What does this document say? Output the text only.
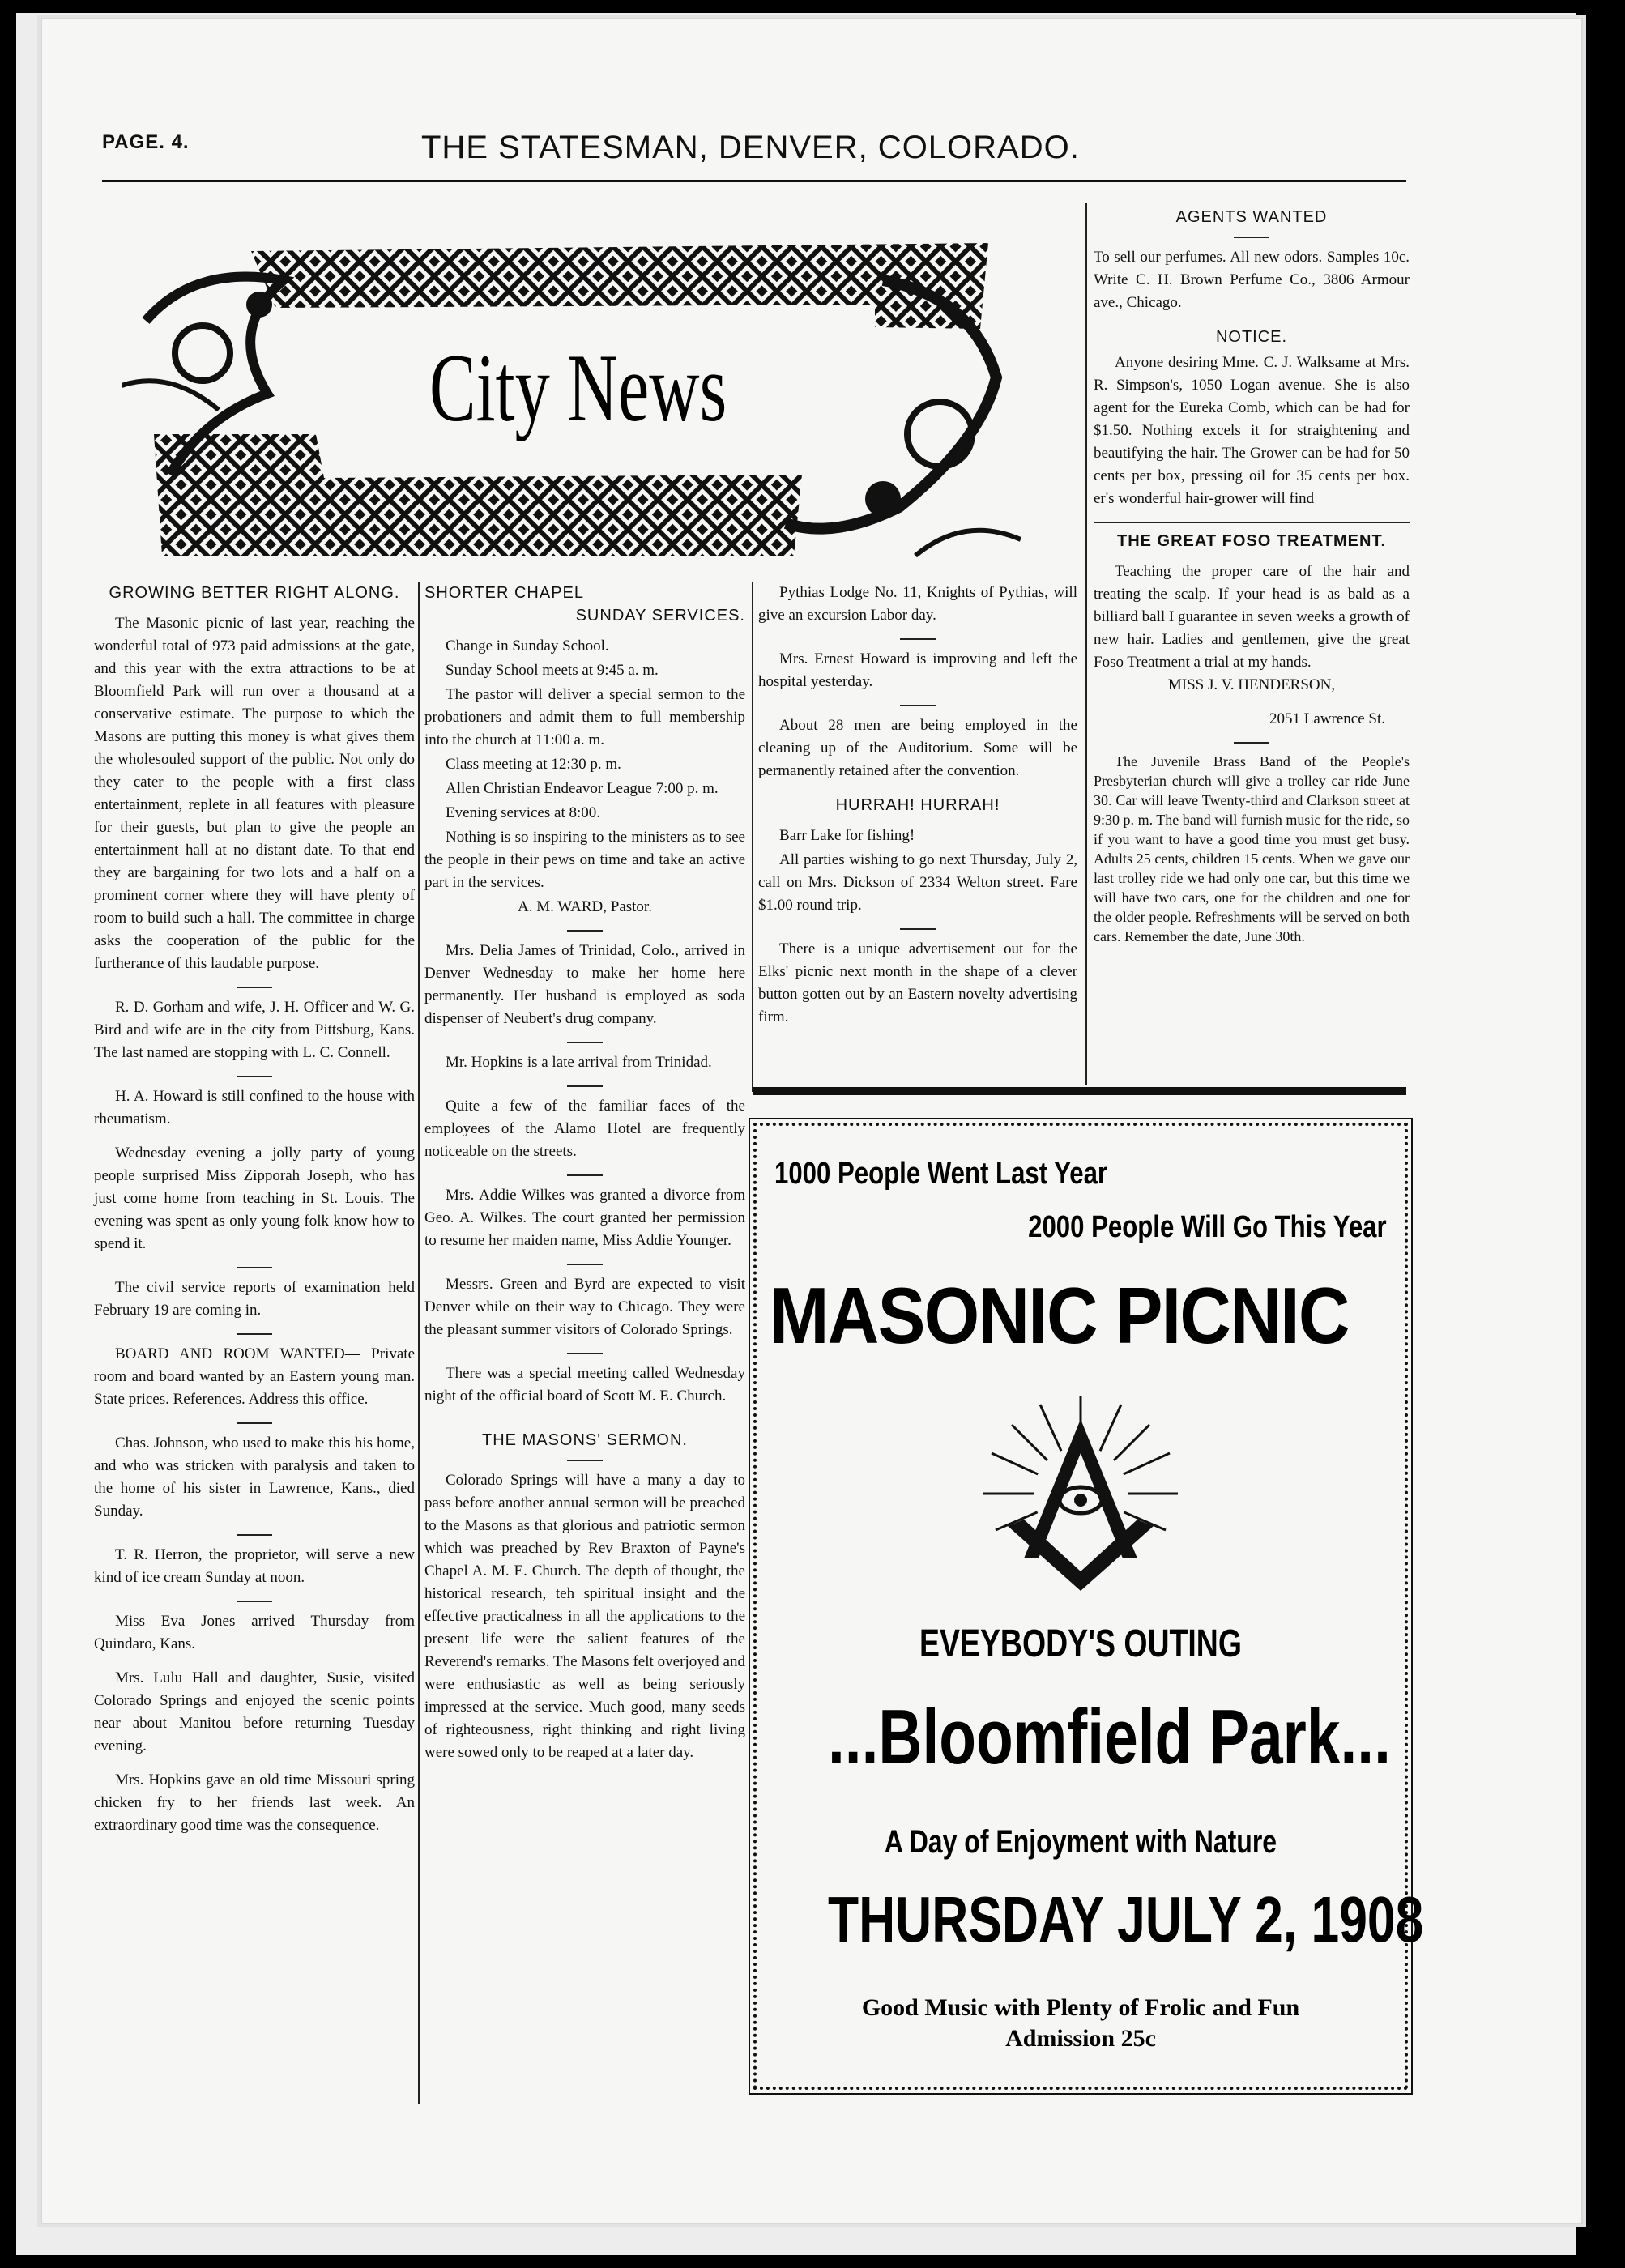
PAGE. 4.	THE STATESMAN, DENVER, COLORADO.
City News
GROWING BETTER RIGHT ALONG.

The Masonic picnic of last year, reaching the wonderful total of 973 paid admissions at the gate, and this year with the extra attractions to be at Bloomfield Park will run over a thousand at a conservative estimate. The purpose to which the Masons are putting this money is what gives them the wholesouled support of the public. Not only do they cater to the people with a first class entertainment, replete in all features with pleasure for their guests, but plan to give the people an entertainment hall at no distant date. To that end they are bargaining for two lots and a half on a prominent corner where they will have plenty of room to build such a hall. The committee in charge asks the cooperation of the public for the furtherance of this laudable purpose.

R. D. Gorham and wife, J. H. Officer and W. G. Bird and wife are in the city from Pittsburg, Kans. The last named are stopping with L. C. Connell.

H. A. Howard is still confined to the house with rheumatism.

Wednesday evening a jolly party of young people surprised Miss Zipporah Joseph, who has just come home from teaching in St. Louis. The evening was spent as only young folk know how to spend it.

The civil service reports of examination held February 19 are coming in.

BOARD AND ROOM WANTED— Private room and board wanted by an Eastern young man. State prices. References. Address this office.

Chas. Johnson, who used to make this his home, and who was stricken with paralysis and taken to the home of his sister in Lawrence, Kans., died Sunday.

T. R. Herron, the proprietor, will serve a new kind of ice cream Sunday at noon.

Miss Eva Jones arrived Thursday from Quindaro, Kans.

Mrs. Lulu Hall and daughter, Susie, visited Colorado Springs and enjoyed the scenic points near about Manitou before returning Tuesday evening.

Mrs. Hopkins gave an old time Missouri spring chicken fry to her friends last week. An extraordinary good time was the consequence.

SHORTER CHAPEL
SUNDAY SERVICES.

Change in Sunday School.

Sunday School meets at 9:45 a. m.

The pastor will deliver a special sermon to the probationers and admit them to full membership into the church at 11:00 a. m.

Class meeting at 12:30 p. m.

Allen Christian Endeavor League 7:00 p. m.

Evening services at 8:00.

Nothing is so inspiring to the ministers as to see the people in their pews on time and take an active part in the services.

A. M. WARD, Pastor.

Mrs. Delia James of Trinidad, Colo., arrived in Denver Wednesday to make her home here permanently. Her husband is employed as soda dispenser of Neubert's drug company.

Mr. Hopkins is a late arrival from Trinidad.

Quite a few of the familiar faces of the employees of the Alamo Hotel are frequently noticeable on the streets.

Mrs. Addie Wilkes was granted a divorce from Geo. A. Wilkes. The court granted her permission to resume her maiden name, Miss Addie Younger.

Messrs. Green and Byrd are expected to visit Denver while on their way to Chicago. They were the pleasant summer visitors of Colorado Springs.

There was a special meeting called Wednesday night of the official board of Scott M. E. Church.

THE MASONS' SERMON.

Colorado Springs will have a many a day to pass before another annual sermon will be preached to the Masons as that glorious and patriotic sermon which was preached by Rev Braxton of Payne's Chapel A. M. E. Church. The depth of thought, the historical research, teh spiritual insight and the effective practicalness in all the applications to the present life were the salient features of the Reverend's remarks. The Masons felt overjoyed and were enthusiastic as well as being seriously impressed at the service. Much good, many seeds of righteousness, right thinking and right living were sowed only to be reaped at a later day.

Pythias Lodge No. 11, Knights of Pythias, will give an excursion Labor day.

Mrs. Ernest Howard is improving and left the hospital yesterday.

About 28 men are being employed in the cleaning up of the Auditorium. Some will be permanently retained after the convention.

HURRAH! HURRAH!

Barr Lake for fishing!

All parties wishing to go next Thursday, July 2, call on Mrs. Dickson of 2334 Welton street. Fare $1.00 round trip.

There is a unique advertisement out for the Elks' picnic next month in the shape of a clever button gotten out by an Eastern novelty advertising firm.

AGENTS WANTED

To sell our perfumes. All new odors. Samples 10c. Write C. H. Brown Perfume Co., 3806 Armour ave., Chicago.

NOTICE.

Anyone desiring Mme. C. J. Walksame at Mrs. R. Simpson's, 1050 Logan avenue. She is also agent for the Eureka Comb, which can be had for $1.50. Nothing excels it for straightening and beautifying the hair. The Grower can be had for 50 cents per box, pressing oil for 35 cents per box. er's wonderful hair-grower will find

THE GREAT FOSO TREATMENT.

Teaching the proper care of the hair and treating the scalp. If your head is as bald as a billiard ball I guarantee in seven weeks a growth of new hair. Ladies and gentlemen, give the great Foso Treatment a trial at my hands.

MISS J. V. HENDERSON,

2051 Lawrence St.

The Juvenile Brass Band of the People's Presbyterian church will give a trolley car ride June 30. Car will leave Twenty-third and Clarkson street at 9:30 p. m. The band will furnish music for the ride, so if you want to have a good time you must get busy. Adults 25 cents, children 15 cents. When we gave our last trolley ride we had only one car, but this time we will have two cars, one for the children and one for the older people. Refreshments will be served on both cars. Remember the date, June 30th.

1000 People Went Last Year
2000 People Will Go This Year
MASONIC PICNIC
EVEYBODY'S OUTING
...Bloomfield Park...
A Day of Enjoyment with Nature
THURSDAY JULY 2, 1908
Good Music with Plenty of Frolic and Fun
Admission 25c
